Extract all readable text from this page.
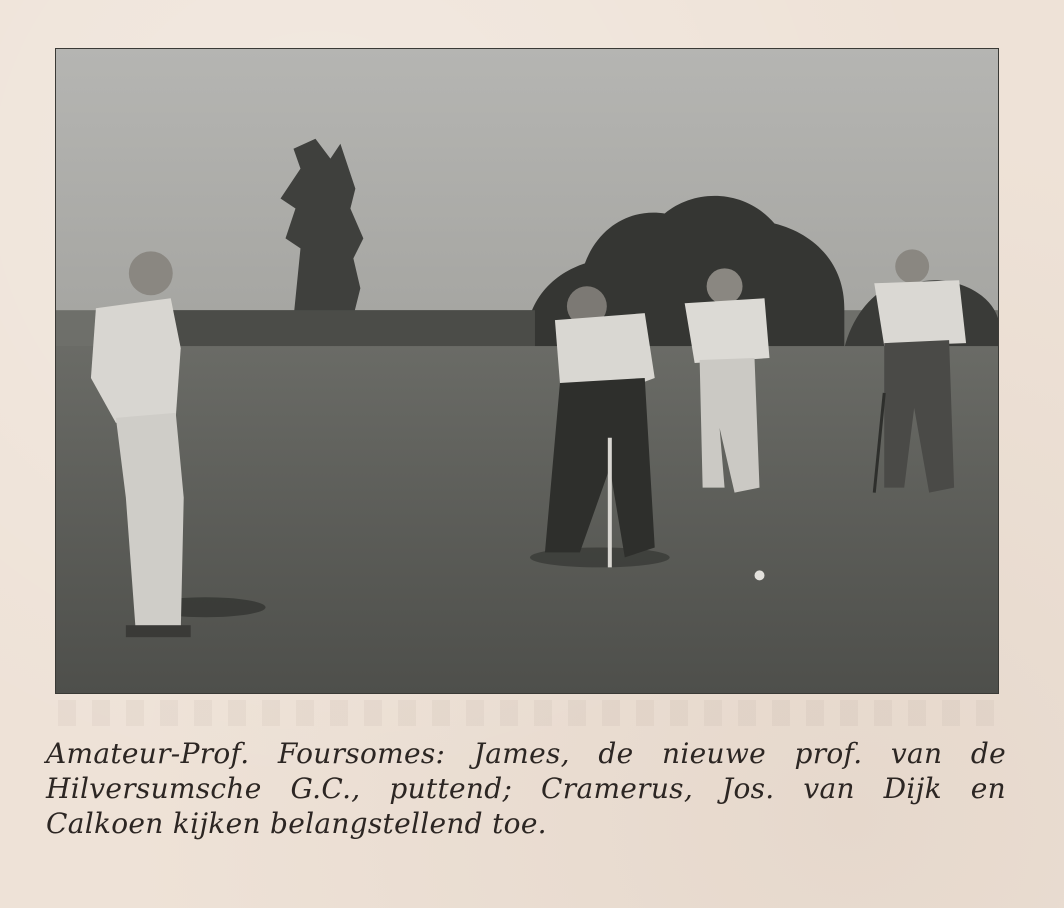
Amateur-Prof. Foursomes: James, de nieuwe prof. van de
Hilversumsche G.C., puttend; Cramerus, Jos. van Dijk en
Calkoen kijken belangstellend toe.
